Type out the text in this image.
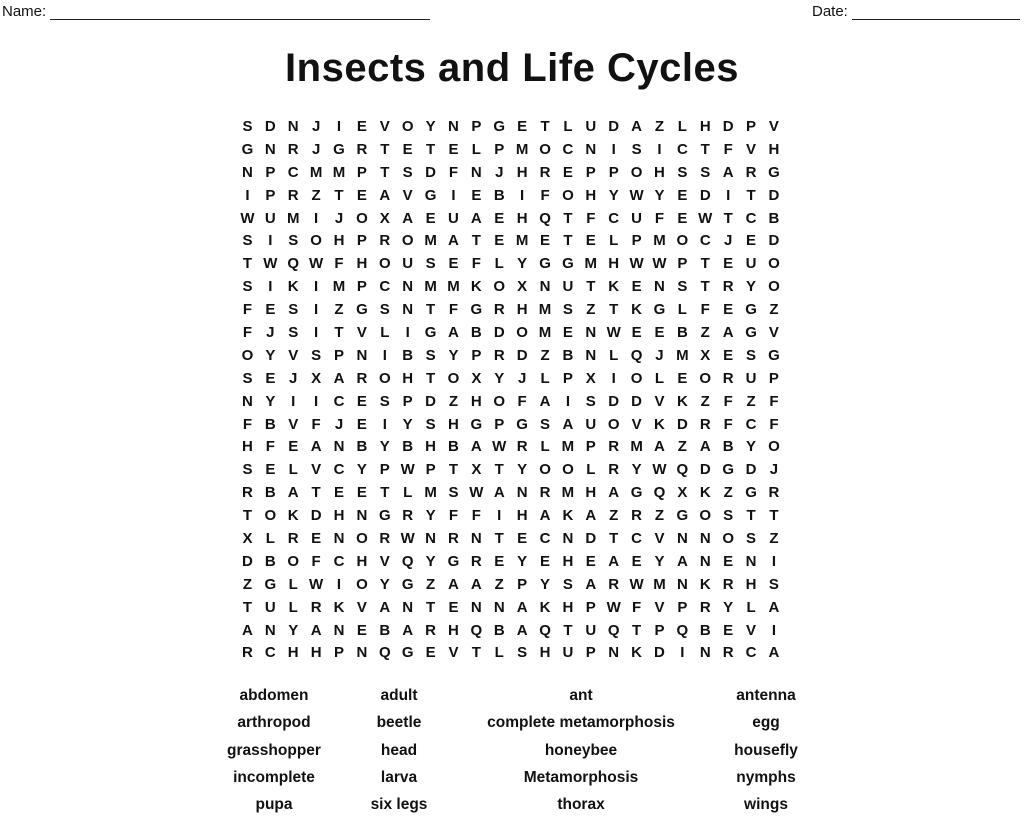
Name:	Date:
Insects and Life Cycles
S D N J	I	E V O Y N P G E T L U D A Z L H D P V
G N R J G R T E T E L P M O C N	I	S	I	C T F V H
N P C M M P T S D F N J H R E P P O H S S A R G
I	P R Z T E A V G I	E B	I	F O H Y W Y E D	I	T D
W U M I	J O X A E U A E H Q T F C U F E W T C B
S	I	S O H P R O M A T E M E T E L P M O C J E D
T W Q W F H O U S E F L Y G G M H W W P T E U O
S	I	K	I M P C N M M K O X N U T K E N S T R Y O
F E S	I	Z G S N T F G R H M S Z T K G L F E G Z
F J S	I	T V L	I G A B D O M E N W E E B Z A G V
O Y V S P N	I	B S Y P R D Z B N L Q J M X E S G
S E J X A R O H T O X Y J L P X	I O L E O R U P
N Y	I	I	C E S P D Z H O F A	I	S D D V K Z F Z F
F B V F J E	I	Y S H G P G S A U O V K D R F C F
H F E A N B Y B H B A W R L M P R M A Z A B Y O
S E L V C Y P W P T X T Y O O L R Y W Q D G D J
R B A T E E T L M S W A N R M H A G Q X K Z G R
T O K D H N G R Y F F	I	H A K A Z R Z G O S T T
X L R E N O R W N R N T E C N D T C V N N O S Z
D B O F C H V Q Y G R E Y E H E A E Y A N E N	I
Z G L W I O Y G Z A A Z P Y S A R W M N K R H S
T U L R K V A N T E N N A K H P W F V P R Y L A
A N Y A N E B A R H Q B A Q T U Q T P Q B E V	I
R C H H P N Q G E V T L S H U P N K D	I	N R C A
abdomen	adult	ant	antenna
arthropod	beetle	complete metamorphosis	egg
grasshopper	head	honeybee	housefly
incomplete	larva	Metamorphosis	nymphs
pupa	six legs	thorax	wings
